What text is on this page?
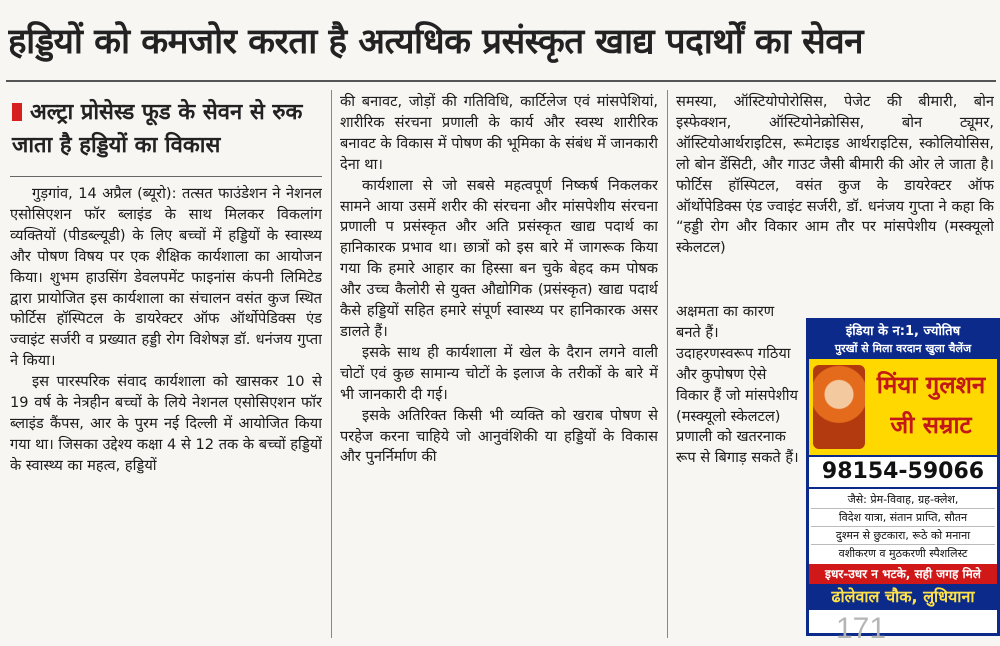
हड्डियों को कमजोर करता है अत्यधिक प्रसंस्कृत खाद्य पदार्थों का सेवन
अल्ट्रा प्रोसेस्ड फूड के सेवन से रुक जाता है हड्डियों का विकास

गुड़गांव, 14 अप्रैल (ब्यूरो): तत्सत फाउंडेशन ने नेशनल एसोसिएशन फॉर ब्लाइंड के साथ मिलकर विकलांग व्यक्तियों (पीडब्ल्यूडी) के लिए बच्चों में हड्डियों के स्वास्थ्य और पोषण विषय पर एक शैक्षिक कार्यशाला का आयोजन किया। शुभम हाउसिंग डेवलपमेंट फाइनांस कंपनी लिमिटेड द्वारा प्रायोजित इस कार्यशाला का संचालन वसंत कुज स्थित फोर्टिस हॉस्पिटल के डायरेक्टर ऑफ ऑर्थोपेडिक्स एंड ज्वाइंट सर्जरी व प्रख्यात हड्डी रोग विशेषज्ञ डॉ. धनंजय गुप्ता ने किया।

इस पारस्परिक संवाद कार्यशाला को खासकर 10 से 19 वर्ष के नेत्रहीन बच्चों के लिये नेशनल एसोसिएशन फॉर ब्लाइंड कैंपस, आर के पुरम नई दिल्ली में आयोजित किया गया था। जिसका उद्देश्य कक्षा 4 से 12 तक के बच्चों हड्डियों के स्वास्थ्य का महत्व, हड्डियों

की बनावट, जोड़ों की गतिविधि, कार्टिलेज एवं मांसपेशियां, शारीरिक संरचना प्रणाली के कार्य और स्वस्थ शारीरिक बनावट के विकास में पोषण की भूमिका के संबंध में जानकारी देना था।

कार्यशाला से जो सबसे महत्वपूर्ण निष्कर्ष निकलकर सामने आया उसमें शरीर की संरचना और मांसपेशीय संरचना प्रणाली प प्रसंस्कृत और अति प्रसंस्कृत खाद्य पदार्थ का हानिकारक प्रभाव था। छात्रों को इस बारे में जागरूक किया गया कि हमारे आहार का हिस्सा बन चुके बेहद कम पोषक और उच्च कैलोरी से युक्त औद्योगिक (प्रसंस्कृत) खाद्य पदार्थ कैसे हड्डियों सहित हमारे संपूर्ण स्वास्थ्य पर हानिकारक असर डालते हैं।

इसके साथ ही कार्यशाला में खेल के दैरान लगने वाली चोटों एवं कुछ सामान्य चोटों के इलाज के तरीकों के बारे में भी जानकारी दी गई।

इसके अतिरिक्त किसी भी व्यक्ति को खराब पोषण से परहेज करना चाहिये जो आनुवंशिकी या हड्डियों के विकास और पुनर्निर्माण की

समस्या, ऑस्टियोपोरोसिस, पेजेट की बीमारी, बोन इस्फेक्शन, ऑस्टियोनेक्रोसिस, बोन ट्यूमर, ऑस्टियोआर्थराइटिस, रूमेटाइड आर्थराइटिस, स्कोलियोसिस, लो बोन डेंसिटी, और गाउट जैसी बीमारी की ओर ले जाता है। फोर्टिस हॉस्पिटल, वसंत कुज के डायरेक्टर ऑफ ऑर्थोपेडिक्स एंड ज्वाइंट सर्जरी, डॉ. धनंजय गुप्ता ने कहा कि “हड्डी रोग और विकार आम तौर पर मांसपेशीय (मस्क्यूलो स्केलटल)

अक्षमता का कारण बनते हैं। उदाहरणस्वरूप गठिया और कुपोषण ऐसे विकार हैं जो मांसपेशीय (मस्क्यूलो स्केलटल) प्रणाली को खतरनाक रूप से बिगाड़ सकते हैं।

इंडिया के न:1, ज्योतिष
पुरखों से मिला वरदान खुला चैलेंज
मिंया गुलशन जी सम्राट
98154-59066
जैसे: प्रेम-विवाह, ग्रह-क्लेश,
विदेश यात्रा, संतान प्राप्ति, सौतन
दुश्मन से छुटकारा, रूठे को मनाना
वशीकरण व मुठकरणी स्पैशलिस्ट
इधर-उधर न भटके, सही जगह मिले
ढोलेवाल चौक, लुधियाना
171
